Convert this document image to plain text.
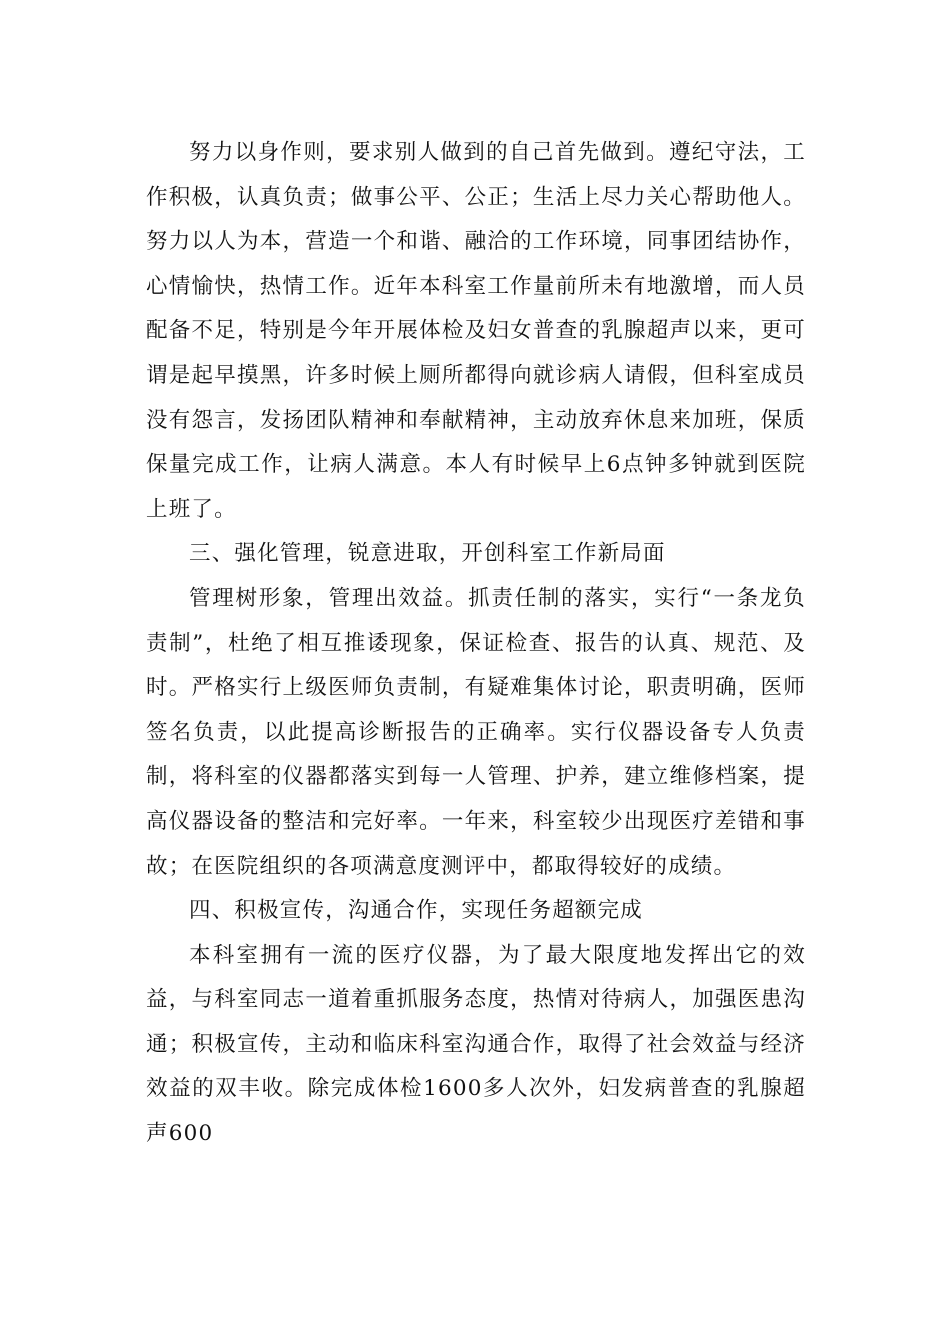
努力以身作则，要求别人做到的自己首先做到。遵纪守法，工作积极，认真负责；做事公平、公正；生活上尽力关心帮助他人。努力以人为本，营造一个和谐、融洽的工作环境，同事团结协作，心情愉快，热情工作。近年本科室工作量前所未有地激增，而人员配备不足，特别是今年开展体检及妇女普查的乳腺超声以来，更可谓是起早摸黑，许多时候上厕所都得向就诊病人请假，但科室成员没有怨言，发扬团队精神和奉献精神，主动放弃休息来加班，保质保量完成工作，让病人满意。本人有时候早上6点钟多钟就到医院上班了。

三、强化管理，锐意进取，开创科室工作新局面

管理树形象，管理出效益。抓责任制的落实，实行“一条龙负责制”，杜绝了相互推诿现象，保证检查、报告的认真、规范、及时。严格实行上级医师负责制，有疑难集体讨论，职责明确，医师签名负责，以此提高诊断报告的正确率。实行仪器设备专人负责制，将科室的仪器都落实到每一人管理、护养，建立维修档案，提高仪器设备的整洁和完好率。一年来，科室较少出现医疗差错和事故；在医院组织的各项满意度测评中，都取得较好的成绩。

四、积极宣传，沟通合作，实现任务超额完成

本科室拥有一流的医疗仪器，为了最大限度地发挥出它的效益，与科室同志一道着重抓服务态度，热情对待病人，加强医患沟通；积极宣传，主动和临床科室沟通合作，取得了社会效益与经济效益的双丰收。除完成体检1600多人次外，妇发病普查的乳腺超声600
